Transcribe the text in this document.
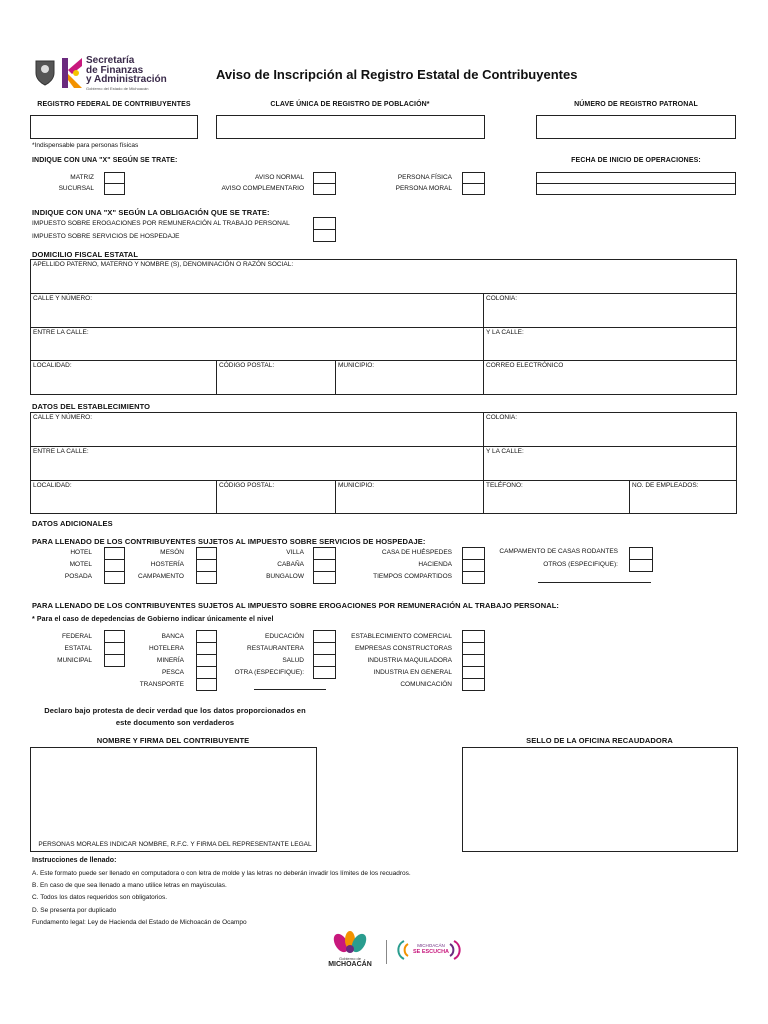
Secretaría
de Finanzas
y Administración
Gobierno del Estado de Michoacán
Aviso de Inscripción al Registro Estatal de Contribuyentes
REGISTRO FEDERAL DE CONTRIBUYENTES	CLAVE ÚNICA DE REGISTRO DE POBLACIÓN*	NÚMERO DE REGISTRO PATRONAL
*Indispensable para personas físicas
INDIQUE CON UNA "X" SEGÚN SE TRATE:
MATRIZ
SUCURSAL
AVISO NORMAL
AVISO COMPLEMENTARIO
PERSONA FÍSICA
PERSONA MORAL
FECHA DE INICIO DE OPERACIONES:
INDIQUE CON UNA "X" SEGÚN LA OBLIGACIÓN QUE SE TRATE:
IMPUESTO SOBRE EROGACIONES POR REMUNERACIÓN AL TRABAJO PERSONAL
IMPUESTO SOBRE SERVICIOS DE HOSPEDAJE
DOMICILIO FISCAL ESTATAL
APELLIDO PATERNO, MATERNO Y NOMBRE (S), DENOMINACIÓN O RAZÓN SOCIAL:
CALLE Y NÚMERO:	COLONIA:
ENTRE LA CALLE:	Y LA CALLE:
LOCALIDAD:	CÓDIGO POSTAL:	MUNICIPIO:	CORREO ELECTRÓNICO
DATOS DEL ESTABLECIMIENTO
CALLE Y NÚMERO:	COLONIA:
ENTRE LA CALLE:	Y LA CALLE:
LOCALIDAD:	CÓDIGO POSTAL:	MUNICIPIO:	TELÉFONO:	NO. DE EMPLEADOS:
DATOS ADICIONALES
PARA LLENADO DE LOS CONTRIBUYENTES SUJETOS AL IMPUESTO SOBRE SERVICIOS DE HOSPEDAJE:
HOTEL
MOTEL
POSADA
MESÓN
HOSTERÍA
CAMPAMENTO
VILLA
CABAÑA
BUNGALOW
CASA DE HUÉSPEDES
HACIENDA
TIEMPOS COMPARTIDOS
CAMPAMENTO DE CASAS RODANTES
OTROS (ESPECIFIQUE):
PARA LLENADO DE LOS CONTRIBUYENTES SUJETOS AL IMPUESTO SOBRE EROGACIONES POR REMUNERACIÓN AL TRABAJO PERSONAL:
* Para el caso de depedencias de Gobierno indicar únicamente el nivel
FEDERAL
ESTATAL
MUNICIPAL
BANCA
HOTELERA
MINERÍA
PESCA
TRANSPORTE
EDUCACIÓN
RESTAURANTERA
SALUD
OTRA (ESPECIFIQUE):
ESTABLECIMIENTO COMERCIAL
EMPRESAS CONSTRUCTORAS
INDUSTRIA MAQUILADORA
INDUSTRIA EN GENERAL
COMUNICACIÓN
Declaro bajo protesta de decir verdad que los datos proporcionados en
este documento son verdaderos
NOMBRE Y FIRMA DEL CONTRIBUYENTE	SELLO DE LA OFICINA RECAUDADORA
PERSONAS MORALES INDICAR NOMBRE, R.F.C. Y FIRMA DEL REPRESENTANTE LEGAL
Instrucciones de llenado:
A. Este formato puede ser llenado en computadora o con letra de molde y las letras no deberán invadir los límites de los recuadros.
B. En caso de que sea llenado a mano utilice letras en mayúsculas.
C. Todos los datos requeridos son obligatorios.
D. Se presenta por duplicado
Fundamento legal: Ley de Hacienda del Estado de Michoacán de Ocampo
Gobierno de
MICHOACÁN
MICHOACÁN
SE ESCUCHA
